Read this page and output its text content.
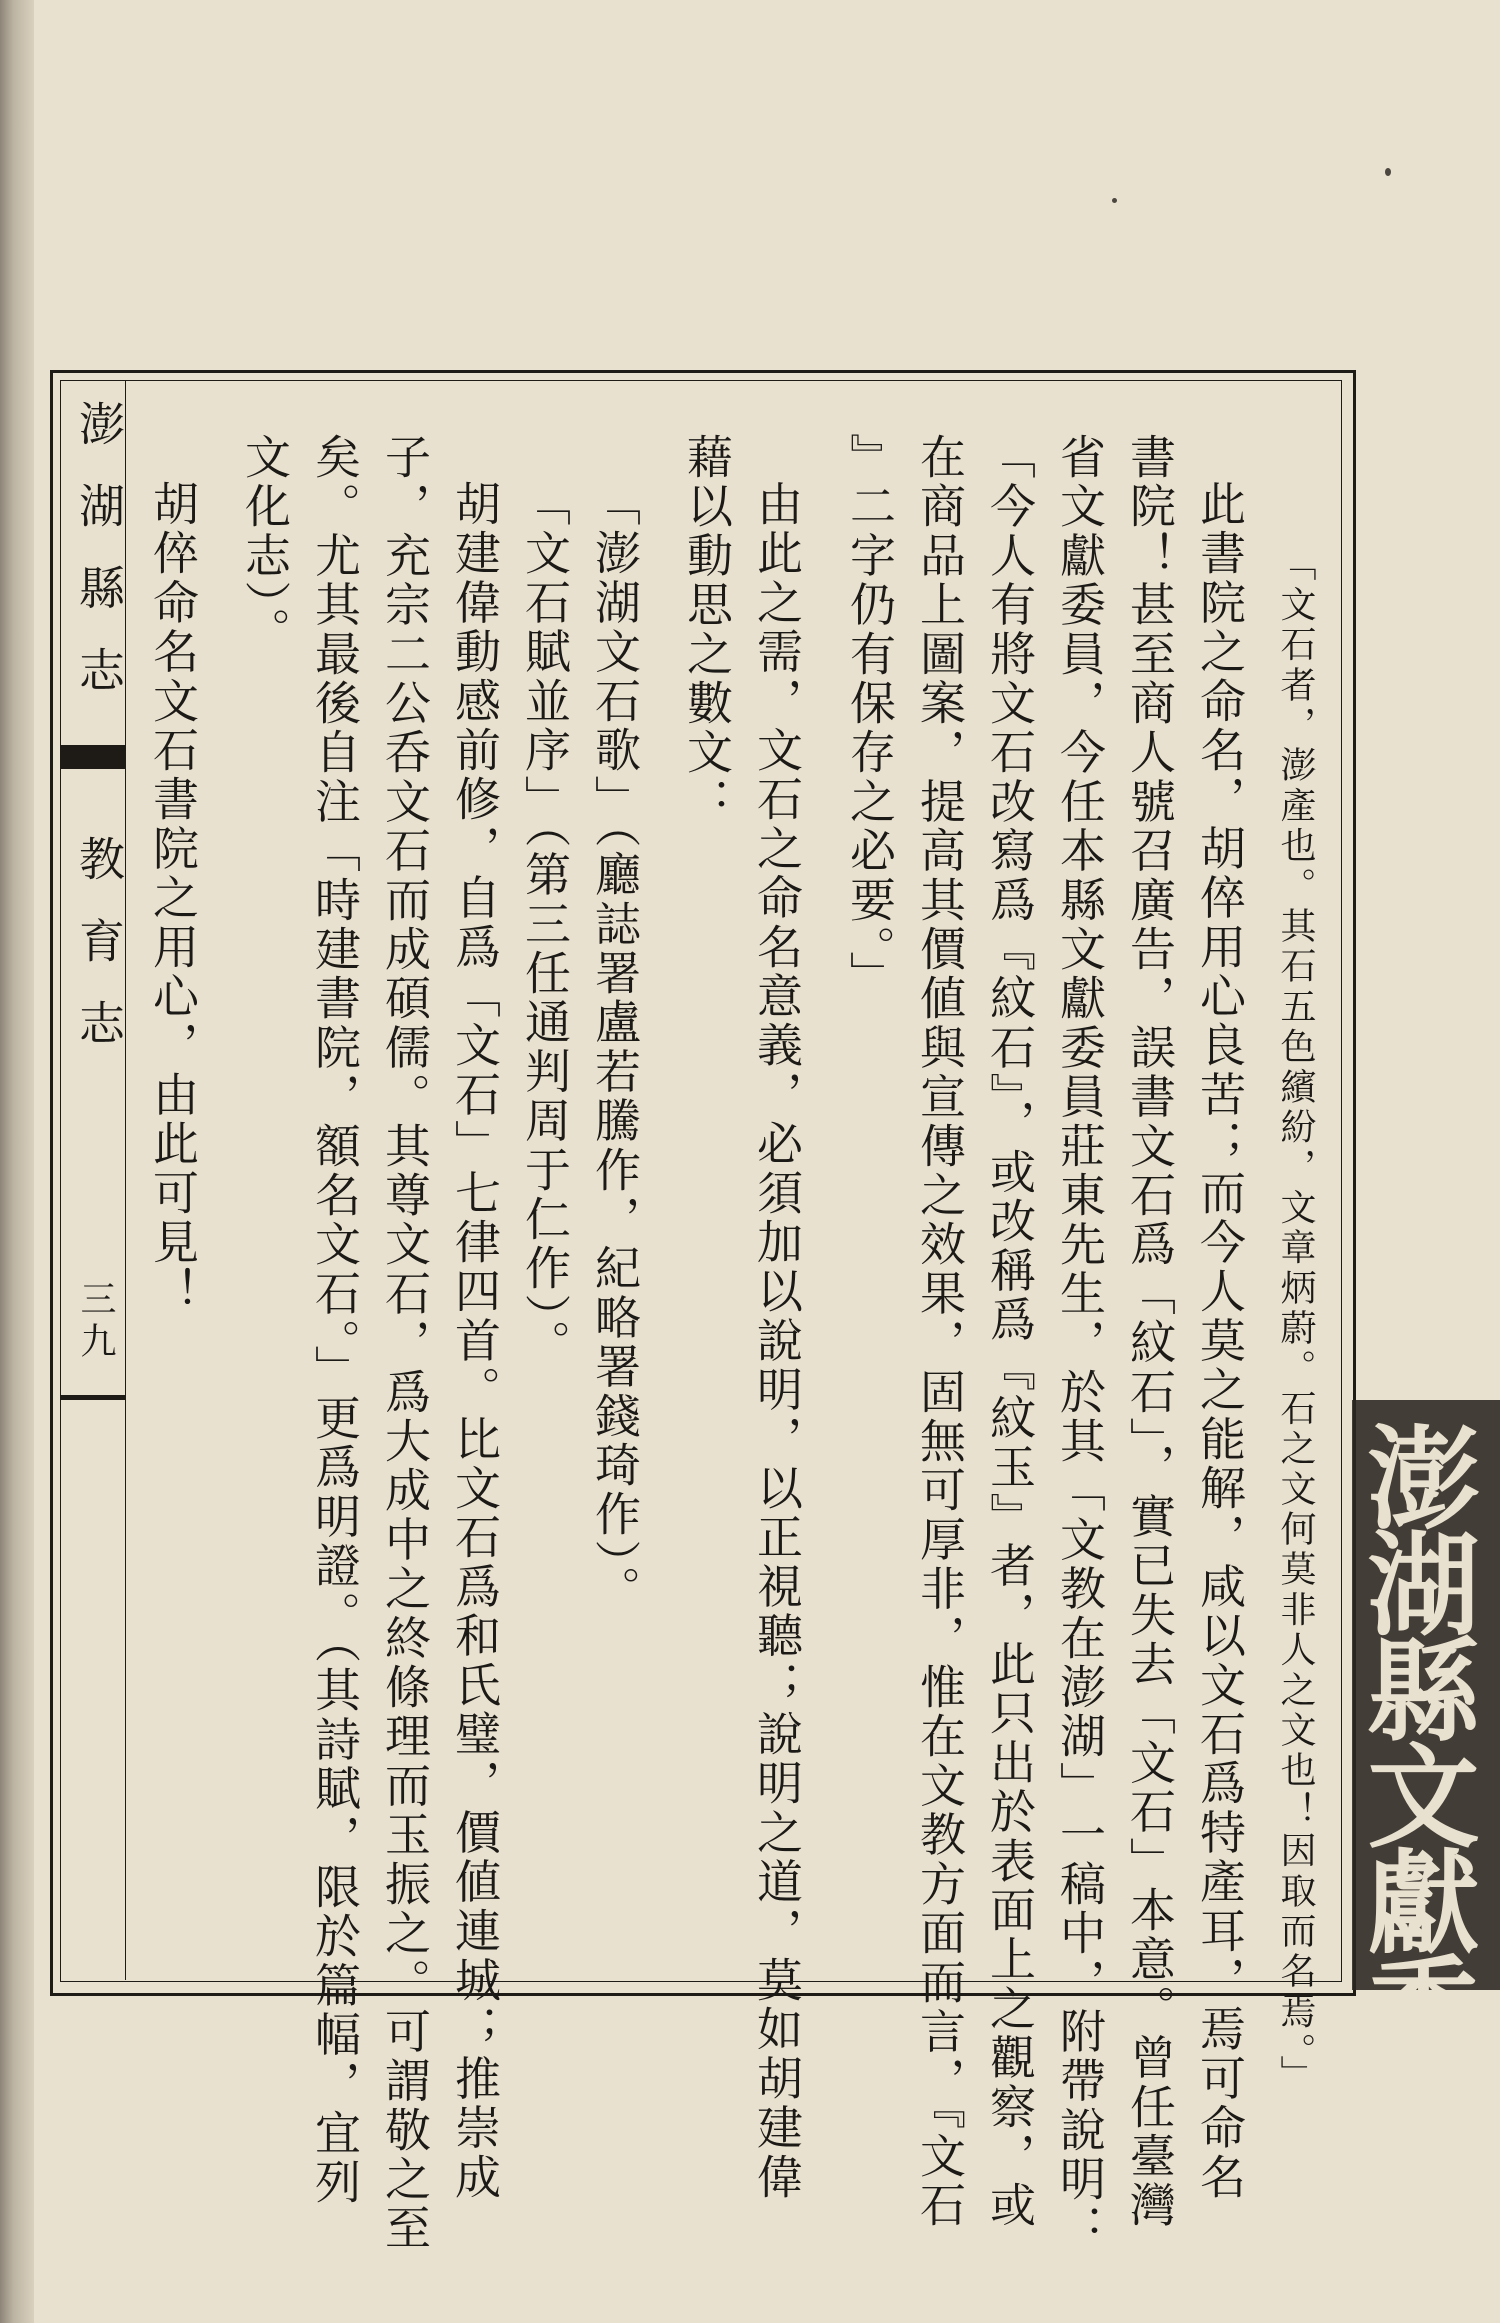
澎湖縣志
教育志
三九
澎湖縣文獻委員會
「文石者，澎產也。其石五色繽紛，文章炳蔚。石之文何莫非人之文也！因取而名焉。」
此書院之命名，胡倅用心良苦；而今人莫之能解，咸以文石爲特產耳，焉可命名
書院！甚至商人號召廣告，誤書文石爲「紋石」，實已失去「文石」本意。曾任臺灣
省文獻委員，今任本縣文獻委員莊東先生，於其「文教在澎湖」一稿中，附帶說明：
「今人有將文石改寫爲『紋石』，或改稱爲『紋玉』者，此只出於表面上之觀察，或
在商品上圖案，提高其價値與宣傳之效果，固無可厚非，惟在文教方面而言，『文石
』二字仍有保存之必要。」
由此之需，文石之命名意義，必須加以說明，以正視聽；說明之道，莫如胡建偉
藉以動思之數文：
「澎湖文石歌」（廳誌署盧若騰作，紀略署錢琦作）。
「文石賦並序」（第三任通判周于仁作）。
胡建偉動感前修，自爲「文石」七律四首。比文石爲和氏璧，價値連城；推崇成
子，充宗二公呑文石而成碩儒。其尊文石，爲大成中之終條理而玉振之。可謂敬之至
矣。尤其最後自注「時建書院，額名文石。」更爲明證。（其詩賦，限於篇幅，宜列
文化志）。
胡倅命名文石書院之用心，由此可見！
